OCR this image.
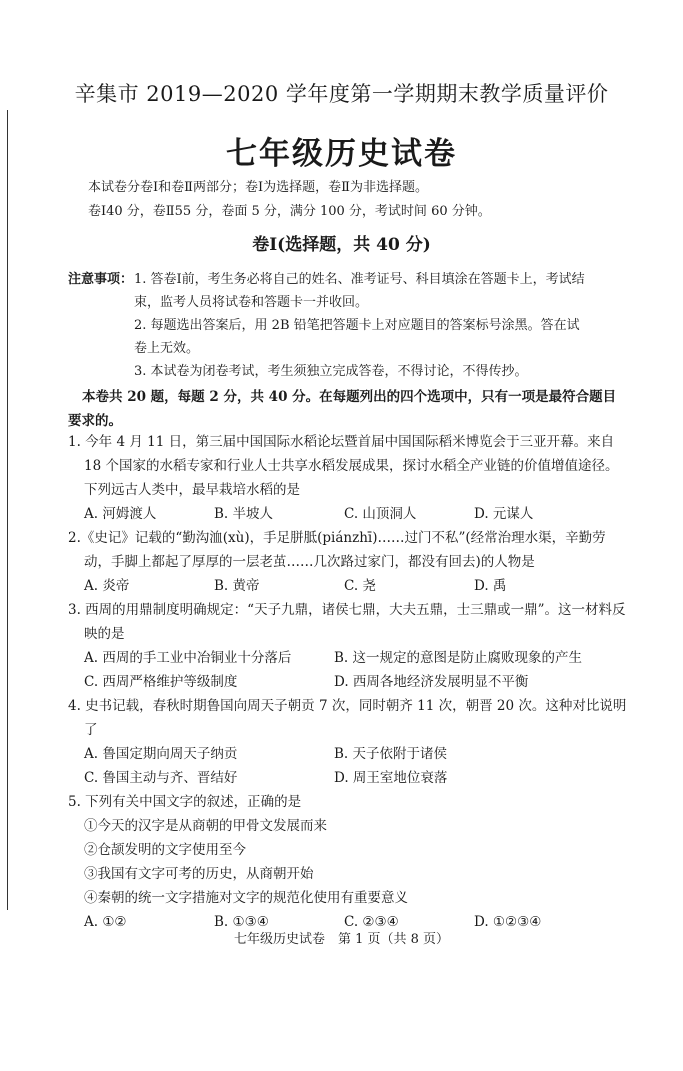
辛集市 2019—2020 学年度第一学期期末教学质量评价
七年级历史试卷
本试卷分卷Ⅰ和卷Ⅱ两部分；卷Ⅰ为选择题，卷Ⅱ为非选择题。
卷Ⅰ40 分，卷Ⅱ55 分，卷面 5 分，满分 100 分，考试时间 60 分钟。
卷Ⅰ(选择题，共 40 分)
注意事项： 1. 答卷Ⅰ前，考生务必将自己的姓名、准考证号、科目填涂在答题卡上，考试结
束，监考人员将试卷和答题卡一并收回。
2. 每题选出答案后，用 2B 铅笔把答题卡上对应题目的答案标号涂黑。答在试
卷上无效。
3. 本试卷为闭卷考试，考生须独立完成答卷，不得讨论，不得传抄。
本卷共 20 题，每题 2 分，共 40 分。在每题列出的四个选项中，只有一项是最符合题目要求的。
1. 今年 4 月 11 日，第三届中国国际水稻论坛暨首届中国国际稻米博览会于三亚开幕。来自 18 个国家的水稻专家和行业人士共享水稻发展成果，探讨水稻全产业链的价值增值途径。下列远古人类中，最早栽培水稻的是
A. 河姆渡人	B. 半坡人	C. 山顶洞人	D. 元谋人
2.《史记》记载的“勤沟洫(xù)，手足胼胝(piánzhī)……过门不私”(经常治理水渠，辛勤劳动，手脚上都起了厚厚的一层老茧……几次路过家门，都没有回去)的人物是
A. 炎帝	B. 黄帝	C. 尧	D. 禹
3. 西周的用鼎制度明确规定：“天子九鼎，诸侯七鼎，大夫五鼎，士三鼎或一鼎”。这一材料反映的是
A. 西周的手工业中冶铜业十分落后	B. 这一规定的意图是防止腐败现象的产生
C. 西周严格维护等级制度	D. 西周各地经济发展明显不平衡
4. 史书记载，春秋时期鲁国向周天子朝贡 7 次，同时朝齐 11 次，朝晋 20 次。这种对比说明了
A. 鲁国定期向周天子纳贡	B. 天子依附于诸侯
C. 鲁国主动与齐、晋结好	D. 周王室地位衰落
5. 下列有关中国文字的叙述，正确的是
①今天的汉字是从商朝的甲骨文发展而来
②仓颉发明的文字使用至今
③我国有文字可考的历史，从商朝开始
④秦朝的统一文字措施对文字的规范化使用有重要意义
A. ①②	B. ①③④	C. ②③④	D. ①②③④
七年级历史试卷　第 1 页（共 8 页）
